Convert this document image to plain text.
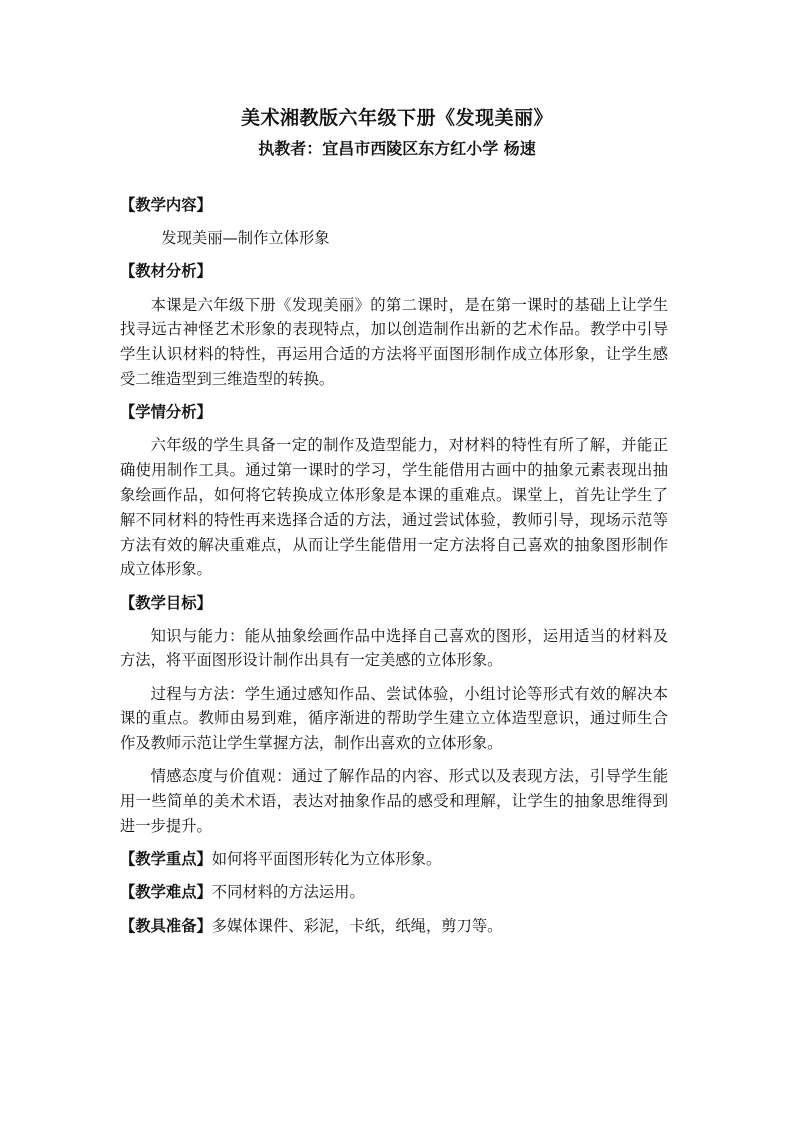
美术湘教版六年级下册《发现美丽》
执教者：宜昌市西陵区东方红小学 杨速

【教学内容】

发现美丽—制作立体形象

【教材分析】

本课是六年级下册《发现美丽》的第二课时，是在第一课时的基础上让学生找寻远古神怪艺术形象的表现特点，加以创造制作出新的艺术作品。教学中引导学生认识材料的特性，再运用合适的方法将平面图形制作成立体形象，让学生感受二维造型到三维造型的转换。

【学情分析】

六年级的学生具备一定的制作及造型能力，对材料的特性有所了解，并能正确使用制作工具。通过第一课时的学习，学生能借用古画中的抽象元素表现出抽象绘画作品，如何将它转换成立体形象是本课的重难点。课堂上，首先让学生了解不同材料的特性再来选择合适的方法，通过尝试体验，教师引导，现场示范等方法有效的解决重难点，从而让学生能借用一定方法将自己喜欢的抽象图形制作成立体形象。

【教学目标】

知识与能力：能从抽象绘画作品中选择自己喜欢的图形，运用适当的材料及方法，将平面图形设计制作出具有一定美感的立体形象。

过程与方法：学生通过感知作品、尝试体验，小组讨论等形式有效的解决本课的重点。教师由易到难，循序渐进的帮助学生建立立体造型意识，通过师生合作及教师示范让学生掌握方法，制作出喜欢的立体形象。

情感态度与价值观：通过了解作品的内容、形式以及表现方法，引导学生能用一些简单的美术术语，表达对抽象作品的感受和理解，让学生的抽象思维得到进一步提升。

【教学重点】如何将平面图形转化为立体形象。

【教学难点】不同材料的方法运用。

【教具准备】多媒体课件、彩泥，卡纸，纸绳，剪刀等。
